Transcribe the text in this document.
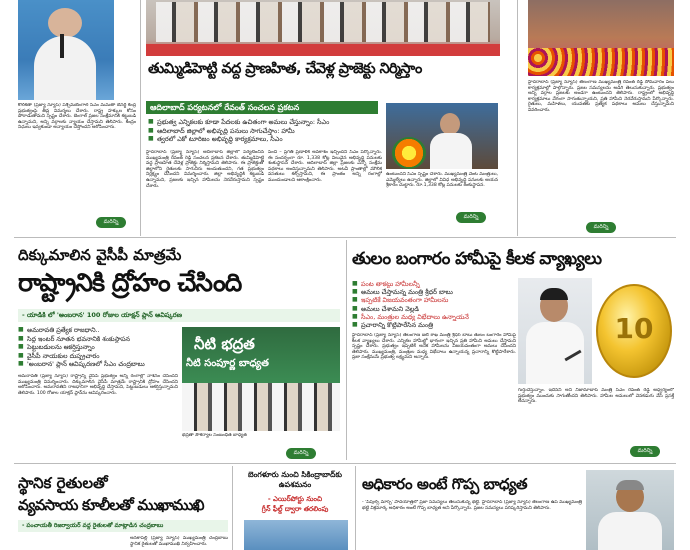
తుమ్మిడిహెట్టి వద్ద ప్రాణహిత, చేవెళ్ల ప్రాజెక్టు నిర్మిస్తాం
ఆదిలాబాద్ పర్యటనలో రేవంత్ సంచలన ప్రకటన
■ ప్రభుత్వ ఎన్నికలకు కూడా పేదలకు ఉచితంగా అమలు చేస్తున్నాం: సీఎం
■ ఆదిలాబాద్ జిల్లాలో అభివృద్ధి పనులు సాగుచేస్తాం: హామీ
■ త్వరలో ఎకో టూరిజం అభివృద్ధి కార్యక్రమాలు, సీఎం
హైదరాబాద్ (ప్రజ్యా న్యూస్) ఆదిలాబాద్ జిల్లాలో పర్యటించిన ముఖ్యమంత్రి రేవంత్ రెడ్డి సంచలన ప్రకటన చేశారు. తుమ్మిడిహెట్టి వద్ద ప్రాణహిత చేవెళ్ల ప్రాజెక్టు నిర్మిస్తామని తెలిపారు. ఈ ప్రాజెక్టుతో జిల్లాలోని రైతులకు సాగునీరు అందుతుందని, గత ప్రభుత్వం నిర్లక్ష్యం చేసిందని విమర్శించారు. జిల్లా అభివృద్ధికి కట్టుబడి ఉన్నామని, ప్రజలకు ఇచ్చిన హామీలను నెరవేరుస్తామని స్పష్టం చేశారు.
పెంచి – ప్రగతి ప్రణాళిక అవకాశం ఇచ్చిందని సీఎం పేర్కొన్నారు. ఈ సందర్భంగా రూ. 1,338 కోట్ల విలువైన అభివృద్ధి పనులకు శంకుస్థాపన చేశారు. ఆదిలాబాద్ జిల్లా ప్రజలకు ఎన్నో సంక్షేమ పథకాలు అందిస్తున్నామని తెలిపారు. అటవీ ప్రాంతాల్లో మౌలిక వసతులు కల్పిస్తామని, ఈ ప్రాంతం అన్ని రంగాల్లో ముందుండాలని ఆకాంక్షించారు.
ఉంటుందని సీఎం స్పష్టం చేశారు. ముఖ్యమంత్రి వెంట మంత్రులు, ఎమ్మెల్యేలు ఉన్నారు. జిల్లాలో వివిధ అభివృద్ధి పనులకు ఆయన శ్రీకారం చుట్టారు. రూ.1,338 కోట్ల పనులకు శంకుస్థాపన.
మరిన్ని
కోల్‌కతా (ప్రజ్యా న్యూస్) పశ్చిమబెంగాల్ సీఎం మమతా బెనర్జీ కేంద్ర ప్రభుత్వంపై తీవ్ర విమర్శలు చేశారు. రాష్ట్ర హక్కుల కోసం పోరాడుతామని స్పష్టం చేశారు. బెంగాల్ ప్రజల సంక్షేమానికి కట్టుబడి ఉన్నామని, అన్ని వర్గాలకు న్యాయం చేస్తామని తెలిపారు. కేంద్రం నిధులు ఇవ్వకుండా అన్యాయం చేస్తోందని ఆరోపించారు.
మరిన్ని
హైదరాబాద్ (ప్రజ్యా న్యూస్) తెలంగాణ ముఖ్యమంత్రి రేవంత్ రెడ్డి సోమవారం పలు కార్యక్రమాల్లో పాల్గొన్నారు. ప్రజల సమస్యలను అడిగి తెలుసుకున్నారు. ప్రభుత్వం అన్ని వర్గాల ప్రజలకు అండగా ఉంటుందని తెలిపారు. రాష్ట్రంలో అభివృద్ధి కార్యక్రమాలు వేగంగా సాగుతున్నాయని, ప్రతి హామీని నెరవేరుస్తామని పేర్కొన్నారు. రైతులు, మహిళలు, యువతకు ప్రత్యేక పథకాలు అమలు చేస్తున్నామని వివరించారు.
మరిన్ని
దిక్కుమాలిన వైసీపీ మాత్రమే
రాష్ట్రానికి ద్రోహం చేసింది
- యాడికి లో 'అంబరాన' 100 రోజుల యాక్షన్ ప్లాన్ ఆవిష్కరణ
■ అమరావతి ప్రత్యేక రాజధాని..
■ సిద్ధ ఇంటర్ నూతన భవనానికి శంకుస్థాపన
■ పెట్టుబడులను ఆకర్షిస్తున్నాం
■ వైసీపీ నాయకుల దుష్ప్రచారం
■ 'అంబరాన' ప్లాన్ ఆవిష్కరణలో సీఎం చంద్రబాబు
అమరావతి (ప్రజ్యా న్యూస్) రాష్ట్రాన్ని వైసీపీ ప్రభుత్వం అన్ని రంగాల్లో నాశనం చేసిందని ముఖ్యమంత్రి విమర్శించారు. దిక్కుమాలిన వైసీపీ మాత్రమే రాష్ట్రానికి ద్రోహం చేసిందని ఆరోపించారు. అమరావతిని రాజధానిగా అభివృద్ధి చేస్తామని, పెట్టుబడులు ఆకర్షిస్తున్నామని తెలిపారు. 100 రోజుల యాక్షన్ ప్లాన్‌ను ఆవిష్కరించారు.
నీటి భద్రత
నీటి సంపూర్ణ బాధ్యత
భద్రతా సౌకర్యాల సంబంధిత బాధ్యత
మరిన్ని
తులం బంగారం హామీపై కీలక వ్యాఖ్యలు
■ పంట తాకట్టు హామీలన్నీ
■ అమలు చేస్తామన్న మంత్రి శ్రీధర్ బాబు
■ ఇప్పటికే విజయవంతంగా హామీలను
■ అమలు చేశామని వెల్లడి
■ సీఎం, మంత్రుల మధ్య విభేదాలు ఉన్నాయనే
■ ప్రచారాన్ని కొట్టిపారేసిన మంత్రి
హైదరాబాద్ (ప్రజ్యా న్యూస్) తెలంగాణ ఐటీ శాఖ మంత్రి శ్రీధర్ బాబు తులం బంగారం హామీపై కీలక వ్యాఖ్యలు చేశారు. ఎన్నికల హామీల్లో భాగంగా ఇచ్చిన ప్రతి హామీని అమలు చేస్తామని స్పష్టం చేశారు. ప్రభుత్వం ఇప్పటికే అనేక హామీలను విజయవంతంగా అమలు చేసిందని తెలిపారు. ముఖ్యమంత్రి, మంత్రుల మధ్య విభేదాలు ఉన్నాయన్న ప్రచారాన్ని కొట్టిపారేశారు. ప్రజా సంక్షేమమే ప్రభుత్వ లక్ష్యమని అన్నారు.
10
గుర్తుచేస్తున్నాం. ఇదేనని అని నిజామాబాద్ మంత్రి సీఎం రేవంత్ రెడ్డి ఆధ్వర్యంలో ప్రభుత్వం ముందుకు సాగుతోందని తెలిపారు. హామీల అమలులో వెనకడుగు వేసే ప్రసక్తే లేదన్నారు.
మరిన్ని
స్థానిక రైతులతో
వ్యవసాయ కూలీలతో ముఖాముఖి
- పంచాయతీ రిజర్వాయర్ వద్ద రైతులతో మాట్లాడిన చంద్రబాబు
అనకాపల్లి (ప్రజ్యా న్యూస్) ముఖ్యమంత్రి చంద్రబాబు స్థానిక రైతులతో ముఖాముఖి నిర్వహించారు.
బెంగళూరు నుంచి సికింద్రాబాద్‌కు ఉపశమనం
- ఎయిర్‌పోర్టు నుంచి
గ్రీన్ ఫీల్డ్ ద్వారా తరలింపు
అధికారం అంటే గొప్ప బాధ్యత
- 'పీపుల్స్ మార్చ్' పాదయాత్రలో ప్రజా సమస్యలు తెలుసుకున్న భట్టి. హైదరాబాద్ (ప్రజ్యా న్యూస్) తెలంగాణ ఉప ముఖ్యమంత్రి భట్టి విక్రమార్క అధికారం అంటే గొప్ప బాధ్యత అని పేర్కొన్నారు. ప్రజల సమస్యలు పరిష్కరిస్తామని తెలిపారు.
